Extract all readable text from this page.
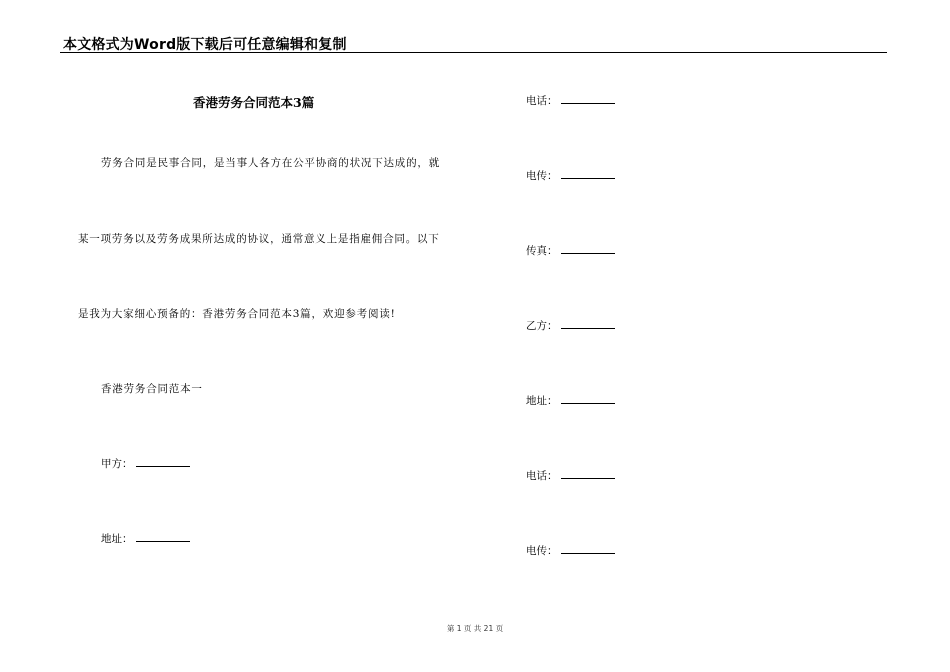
本文格式为Word版下载后可任意编辑和复制
香港劳务合同范本3篇
劳务合同是民事合同，是当事人各方在公平协商的状况下达成的，就
某一项劳务以及劳务成果所达成的协议，通常意义上是指雇佣合同。以下
是我为大家细心预备的：香港劳务合同范本3篇，欢迎参考阅读!
香港劳务合同范本一
甲方：
地址：
电话：
电传：
传真：
乙方：
地址：
电话：
电传：
第 1 页 共 21 页
